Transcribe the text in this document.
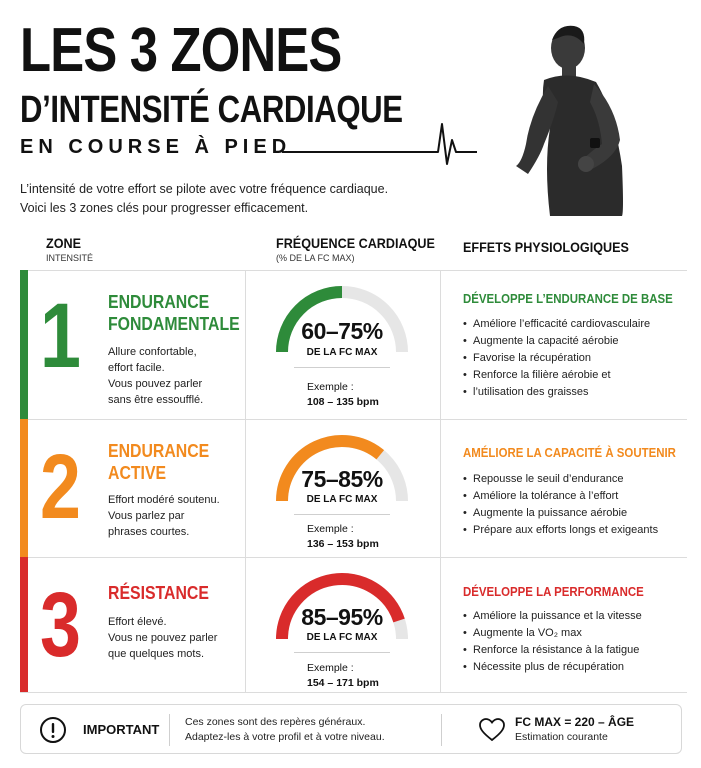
LES 3 ZONES
D’INTENSITÉ CARDIAQUE
EN COURSE À PIED
L’intensité de votre effort se pilote avec votre fréquence cardiaque.
Voici les 3 zones clés pour progresser efficacement.
ZONE
INTENSITÉ
FRÉQUENCE CARDIAQUE
(% DE LA FC MAX)
EFFETS PHYSIOLOGIQUES
1 ENDURANCE
FONDAMENTALE
Allure confortable,
effort facile.
Vous pouvez parler
sans être essoufflé.
60–75%
DE LA FC MAX
Exemple :
108 – 135 bpm
DÉVELOPPE L’ENDURANCE DE BASE
• Améliore l’efficacité cardiovasculaire
• Augmente la capacité aérobie
• Favorise la récupération
• Renforce la filière aérobie et
• l’utilisation des graisses
2 ENDURANCE
ACTIVE
Effort modéré soutenu.
Vous parlez par
phrases courtes.
75–85%
DE LA FC MAX
Exemple :
136 – 153 bpm
AMÉLIORE LA CAPACITÉ À SOUTENIR
• Repousse le seuil d’endurance
• Améliore la tolérance à l’effort
• Augmente la puissance aérobie
• Prépare aux efforts longs et exigeants
3 RÉSISTANCE
Effort élevé.
Vous ne pouvez parler
que quelques mots.
85–95%
DE LA FC MAX
Exemple :
154 – 171 bpm
DÉVELOPPE LA PERFORMANCE
• Améliore la puissance et la vitesse
• Augmente la VO₂ max
• Renforce la résistance à la fatigue
• Nécessite plus de récupération
IMPORTANT Ces zones sont des repères généraux.
Adaptez-les à votre profil et à votre niveau.
FC MAX = 220 – ÂGE
Estimation courante
